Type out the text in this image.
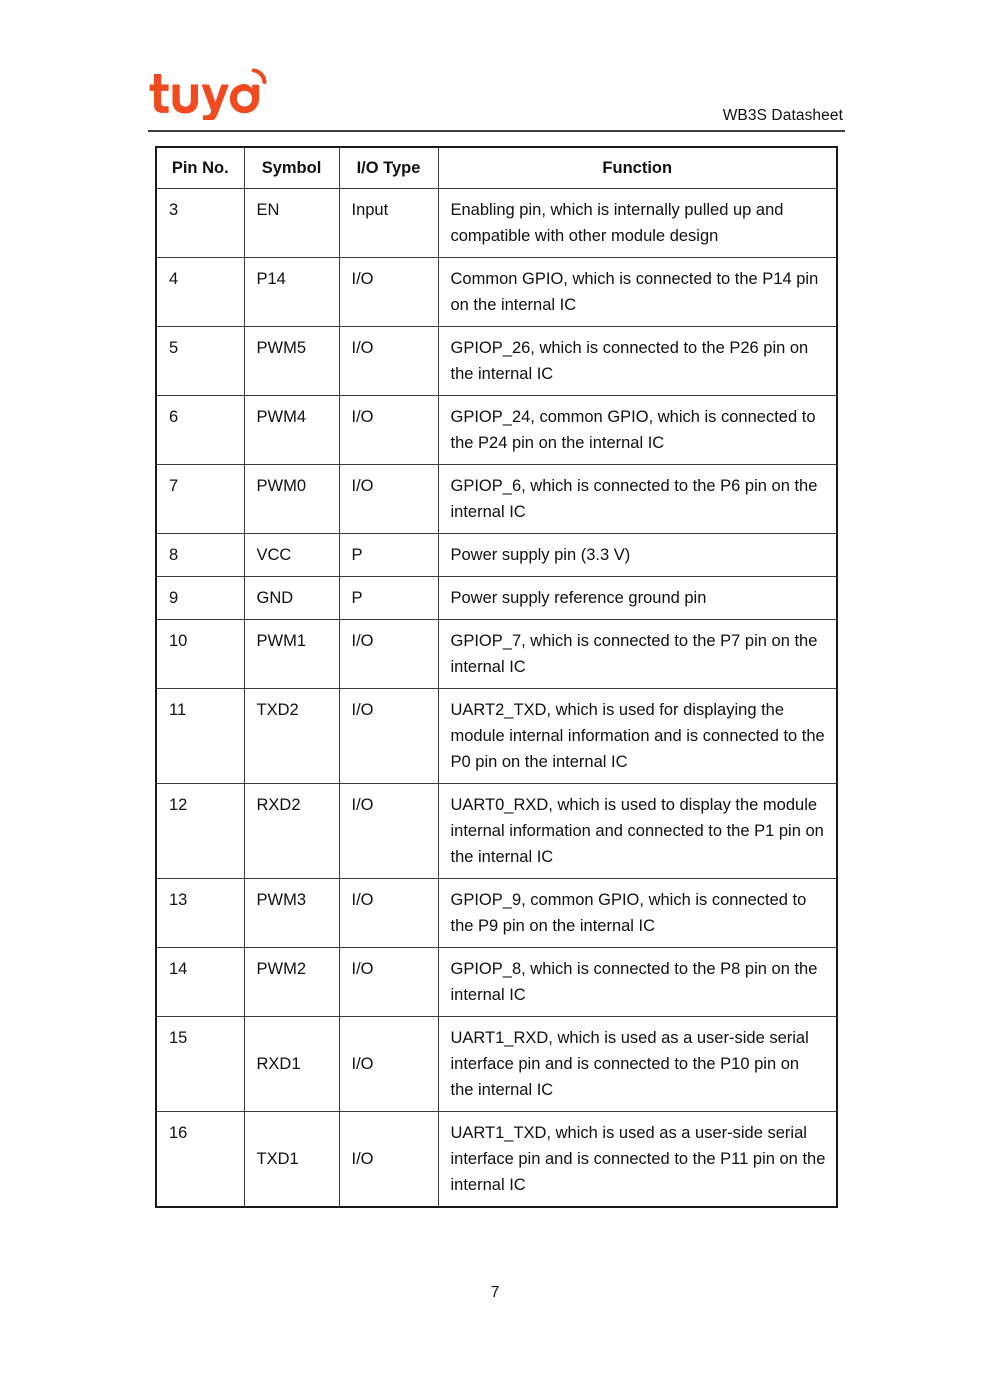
WB3S Datasheet
Pin No.	Symbol	I/O Type	Function
3	EN	Input	Enabling pin, which is internally pulled up and compatible with other module design
4	P14	I/O	Common GPIO, which is connected to the P14 pin on the internal IC
5	PWM5	I/O	GPIOP_26, which is connected to the P26 pin on the internal IC
6	PWM4	I/O	GPIOP_24, common GPIO, which is connected to the P24 pin on the internal IC
7	PWM0	I/O	GPIOP_6, which is connected to the P6 pin on the internal IC
8	VCC	P	Power supply pin (3.3 V)
9	GND	P	Power supply reference ground pin
10	PWM1	I/O	GPIOP_7, which is connected to the P7 pin on the internal IC
11	TXD2	I/O	UART2_TXD, which is used for displaying the module internal information and is connected to the P0 pin on the internal IC
12	RXD2	I/O	UART0_RXD, which is used to display the module internal information and connected to the P1 pin on the internal IC
13	PWM3	I/O	GPIOP_9, common GPIO, which is connected to the P9 pin on the internal IC
14	PWM2	I/O	GPIOP_8, which is connected to the P8 pin on the internal IC
15	RXD1	I/O	UART1_RXD, which is used as a user-side serial interface pin and is connected to the P10 pin on the internal IC
16	TXD1	I/O	UART1_TXD, which is used as a user-side serial interface pin and is connected to the P11 pin on the internal IC
7
